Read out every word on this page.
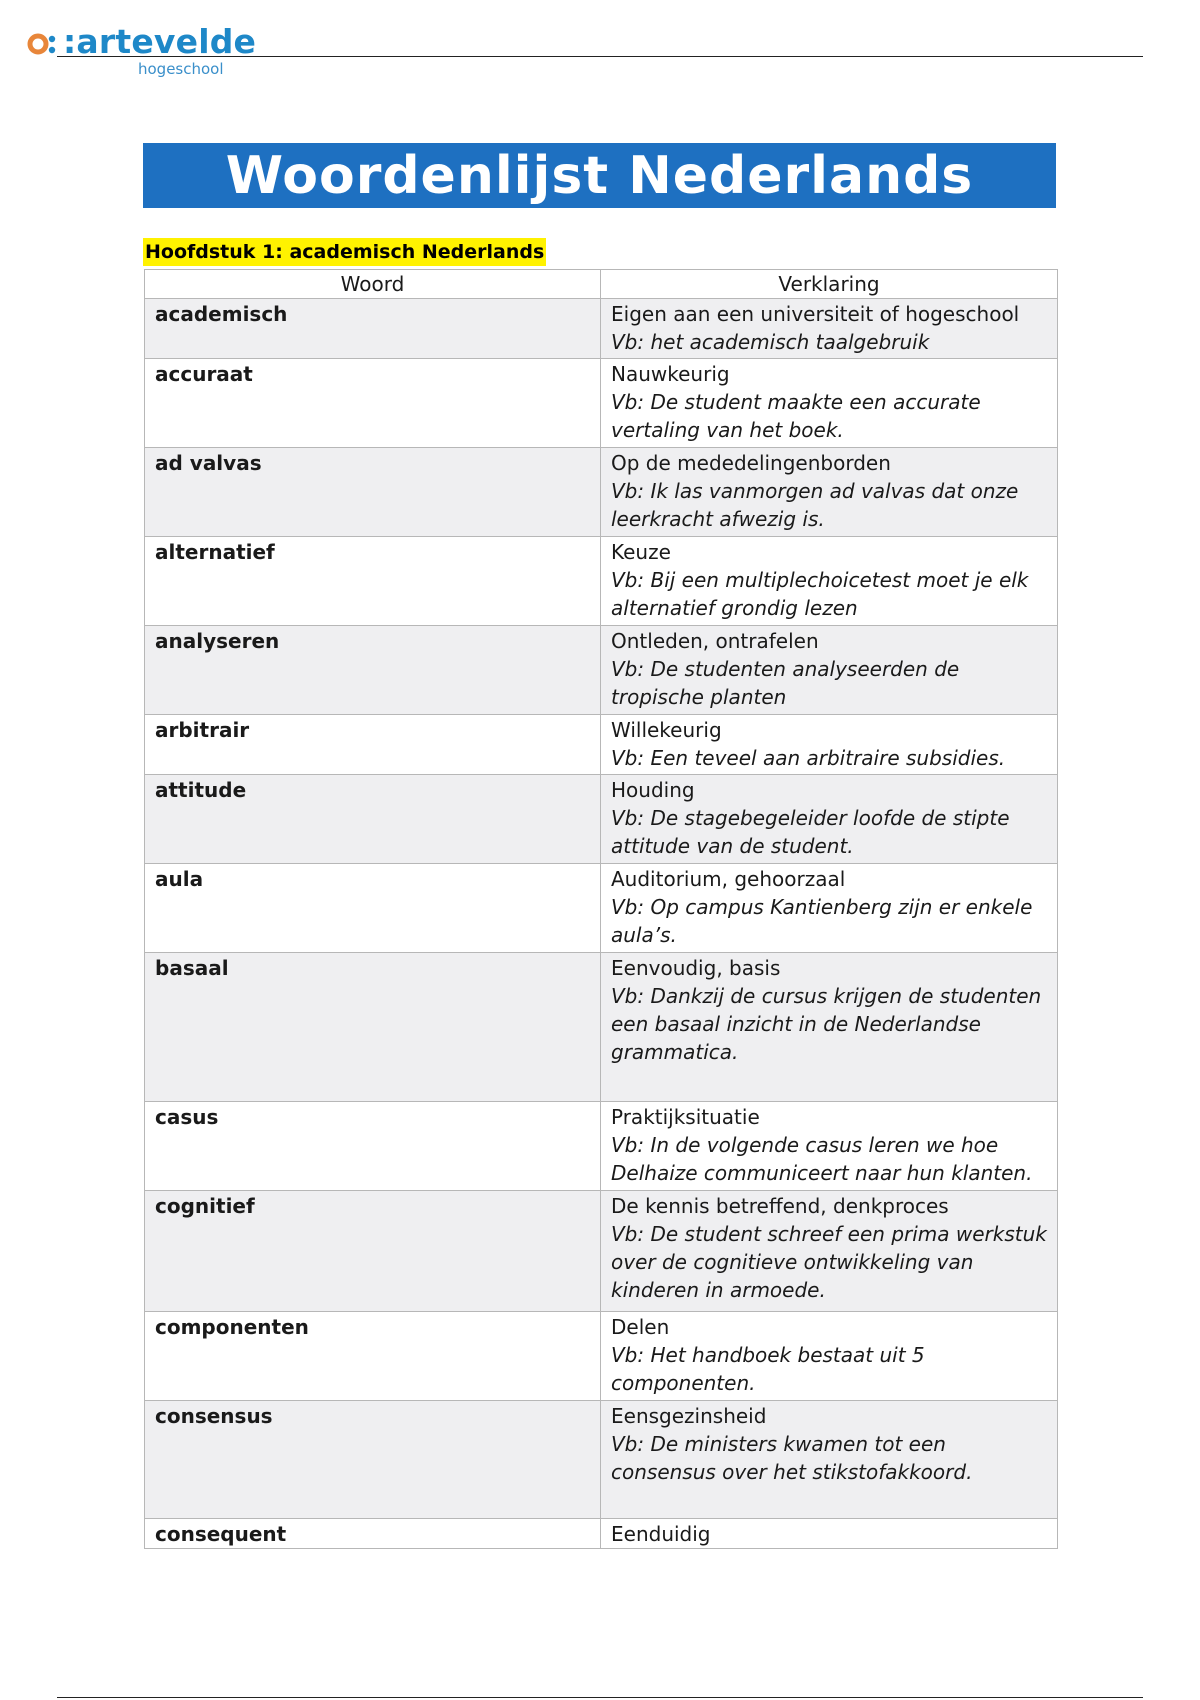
:artevelde
hogeschool
Woordenlijst Nederlands
Hoofdstuk 1: academisch Nederlands
Woord	Verklaring
academisch	Eigen aan een universiteit of hogeschool
Vb: het academisch taalgebruik

accuraat	Nauwkeurig
Vb: De student maakte een accurate vertaling van het boek.

ad valvas	Op de mededelingenborden
Vb: Ik las vanmorgen ad valvas dat onze leerkracht afwezig is.

alternatief	Keuze
Vb: Bij een multiplechoicetest moet je elk alternatief grondig lezen

analyseren	Ontleden, ontrafelen
Vb: De studenten analyseerden de tropische planten

arbitrair	Willekeurig
Vb: Een teveel aan arbitraire subsidies.

attitude	Houding
Vb: De stagebegeleider loofde de stipte attitude van de student.

aula	Auditorium, gehoorzaal
Vb: Op campus Kantienberg zijn er enkele aula’s.

basaal	Eenvoudig, basis
Vb: Dankzij de cursus krijgen de studenten een basaal inzicht in de Nederlandse grammatica.

casus	Praktijksituatie
Vb: In de volgende casus leren we hoe Delhaize communiceert naar hun klanten.

cognitief	De kennis betreffend, denkproces
Vb: De student schreef een prima werkstuk over de cognitieve ontwikkeling van kinderen in armoede.

componenten	Delen
Vb: Het handboek bestaat uit 5 componenten.

consensus	Eensgezinsheid
Vb: De ministers kwamen tot een consensus over het stikstofakkoord.

consequent	Eenduidig
